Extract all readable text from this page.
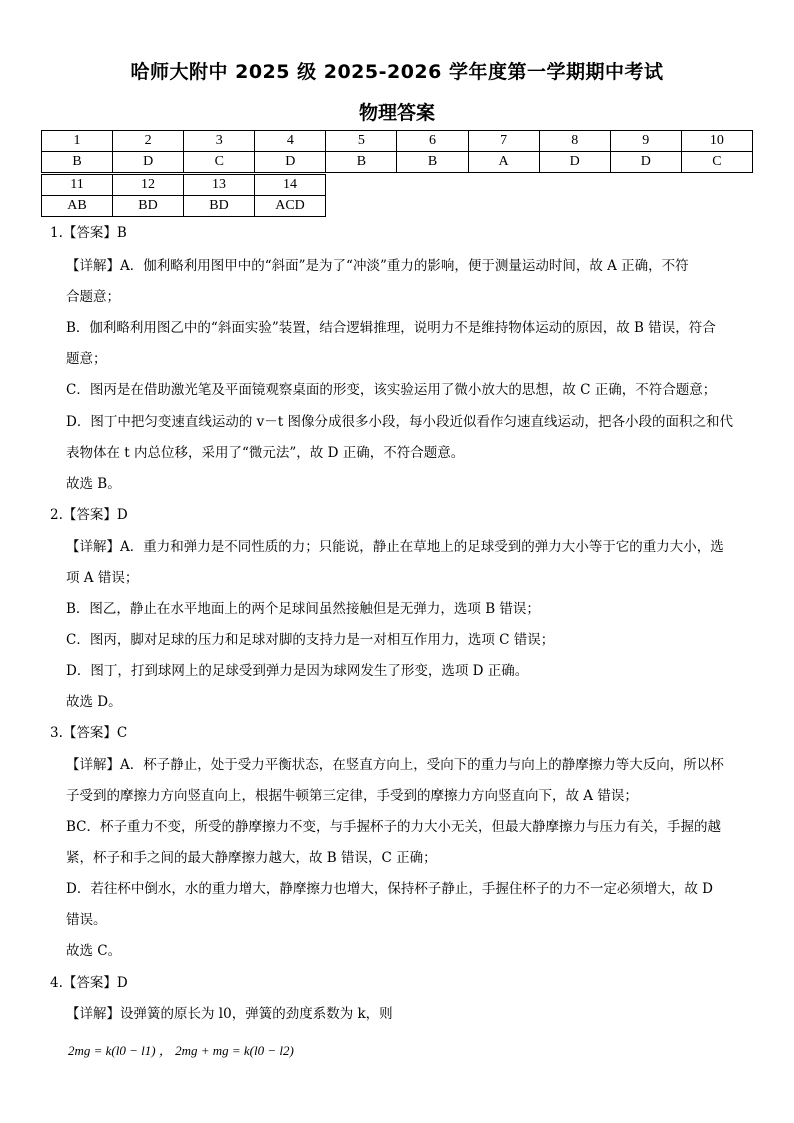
哈师大附中 2025 级 2025-2026 学年度第一学期期中考试
物理答案
1	2	3	4	5	6	7	8	9	10
B	D	C	D	B	B	A	D	D	C
11	12	13	14
AB	BD	BD	ACD
1.【答案】B
【详解】A．伽利略利用图甲中的“斜面”是为了“冲淡”重力的影响，便于测量运动时间，故 A 正确，不符
合题意；
B．伽利略利用图乙中的“斜面实验”装置，结合逻辑推理，说明力不是维持物体运动的原因，故 B 错误，符合
题意；
C．图丙是在借助激光笔及平面镜观察桌面的形变，该实验运用了微小放大的思想，故 C 正确，不符合题意；
D．图丁中把匀变速直线运动的 v－t 图像分成很多小段，每小段近似看作匀速直线运动，把各小段的面积之和代
表物体在 t 内总位移，采用了“微元法”，故 D 正确，不符合题意。
故选 B。
2.【答案】D
【详解】A．重力和弹力是不同性质的力；只能说，静止在草地上的足球受到的弹力大小等于它的重力大小，选
项 A 错误；
B．图乙，静止在水平地面上的两个足球间虽然接触但是无弹力，选项 B 错误；
C．图丙，脚对足球的压力和足球对脚的支持力是一对相互作用力，选项 C 错误；
D．图丁，打到球网上的足球受到弹力是因为球网发生了形变，选项 D 正确。
故选 D。
3.【答案】C
【详解】A．杯子静止，处于受力平衡状态，在竖直方向上，受向下的重力与向上的静摩擦力等大反向，所以杯
子受到的摩擦力方向竖直向上，根据牛顿第三定律，手受到的摩擦力方向竖直向下，故 A 错误；
BC．杯子重力不变，所受的静摩擦力不变，与手握杯子的力大小无关，但最大静摩擦力与压力有关，手握的越
紧，杯子和手之间的最大静摩擦力越大，故 B 错误，C 正确；
D．若往杯中倒水，水的重力增大，静摩擦力也增大，保持杯子静止，手握住杯子的力不一定必须增大，故 D
错误。
故选 C。
4.【答案】D
【详解】设弹簧的原长为 l0，弹簧的劲度系数为 k，则
2mg = k(l0 − l1) ， 2mg + mg = k(l0 − l2)
